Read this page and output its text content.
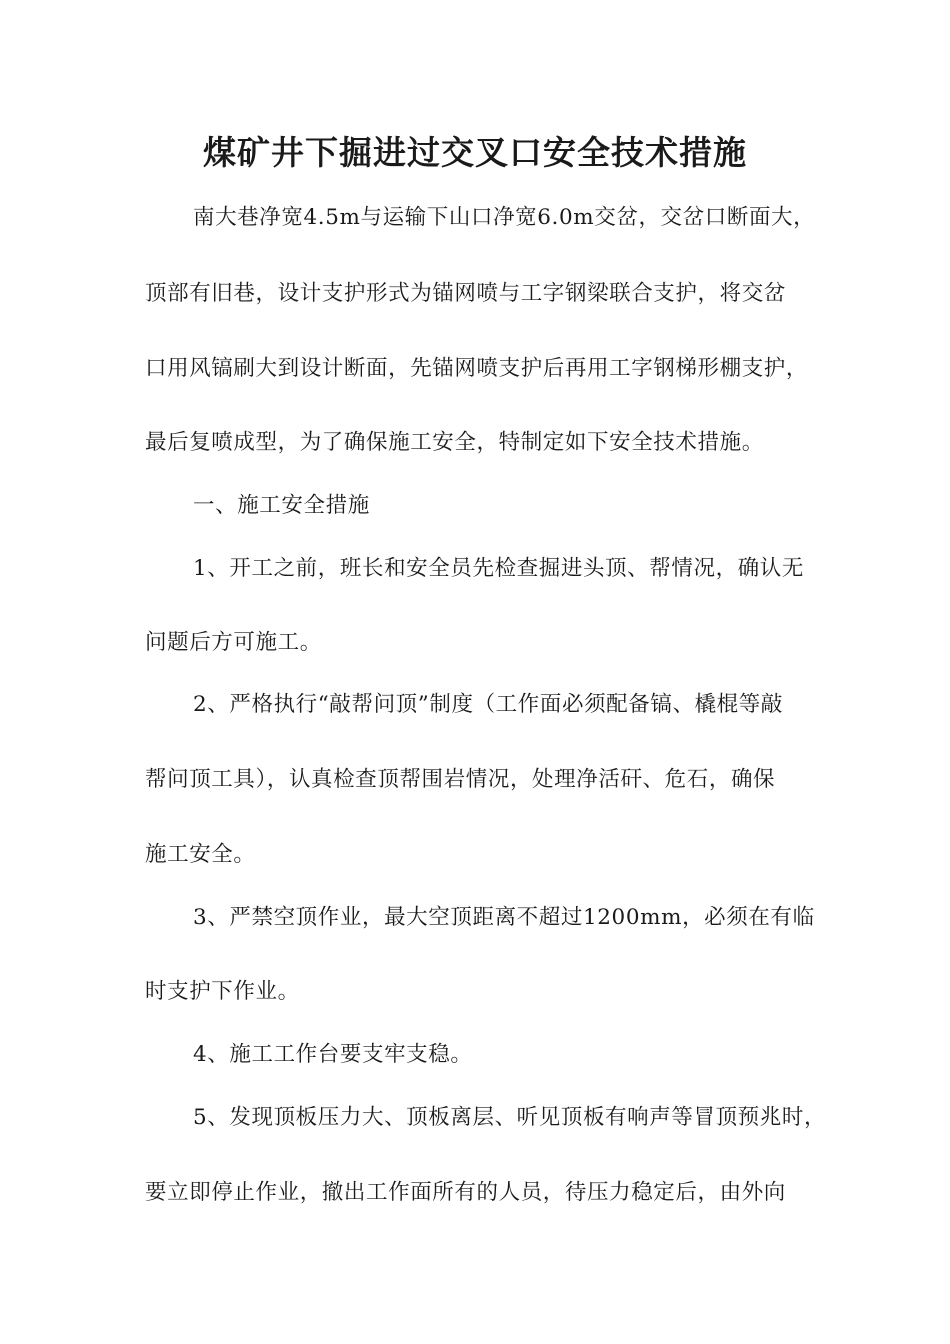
煤矿井下掘进过交叉口安全技术措施
南大巷净宽4.5m与运输下山口净宽6.0m交岔，交岔口断面大，
顶部有旧巷，设计支护形式为锚网喷与工字钢梁联合支护，将交岔
口用风镐刷大到设计断面，先锚网喷支护后再用工字钢梯形棚支护，
最后复喷成型，为了确保施工安全，特制定如下安全技术措施。
一、施工安全措施
1、开工之前，班长和安全员先检查掘进头顶、帮情况，确认无
问题后方可施工。
2、严格执行“敲帮问顶”制度（工作面必须配备镐、橇棍等敲
帮问顶工具），认真检查顶帮围岩情况，处理净活矸、危石，确保
施工安全。
3、严禁空顶作业，最大空顶距离不超过1200mm，必须在有临
时支护下作业。
4、施工工作台要支牢支稳。
5、发现顶板压力大、顶板离层、听见顶板有响声等冒顶预兆时，
要立即停止作业，撤出工作面所有的人员，待压力稳定后，由外向
